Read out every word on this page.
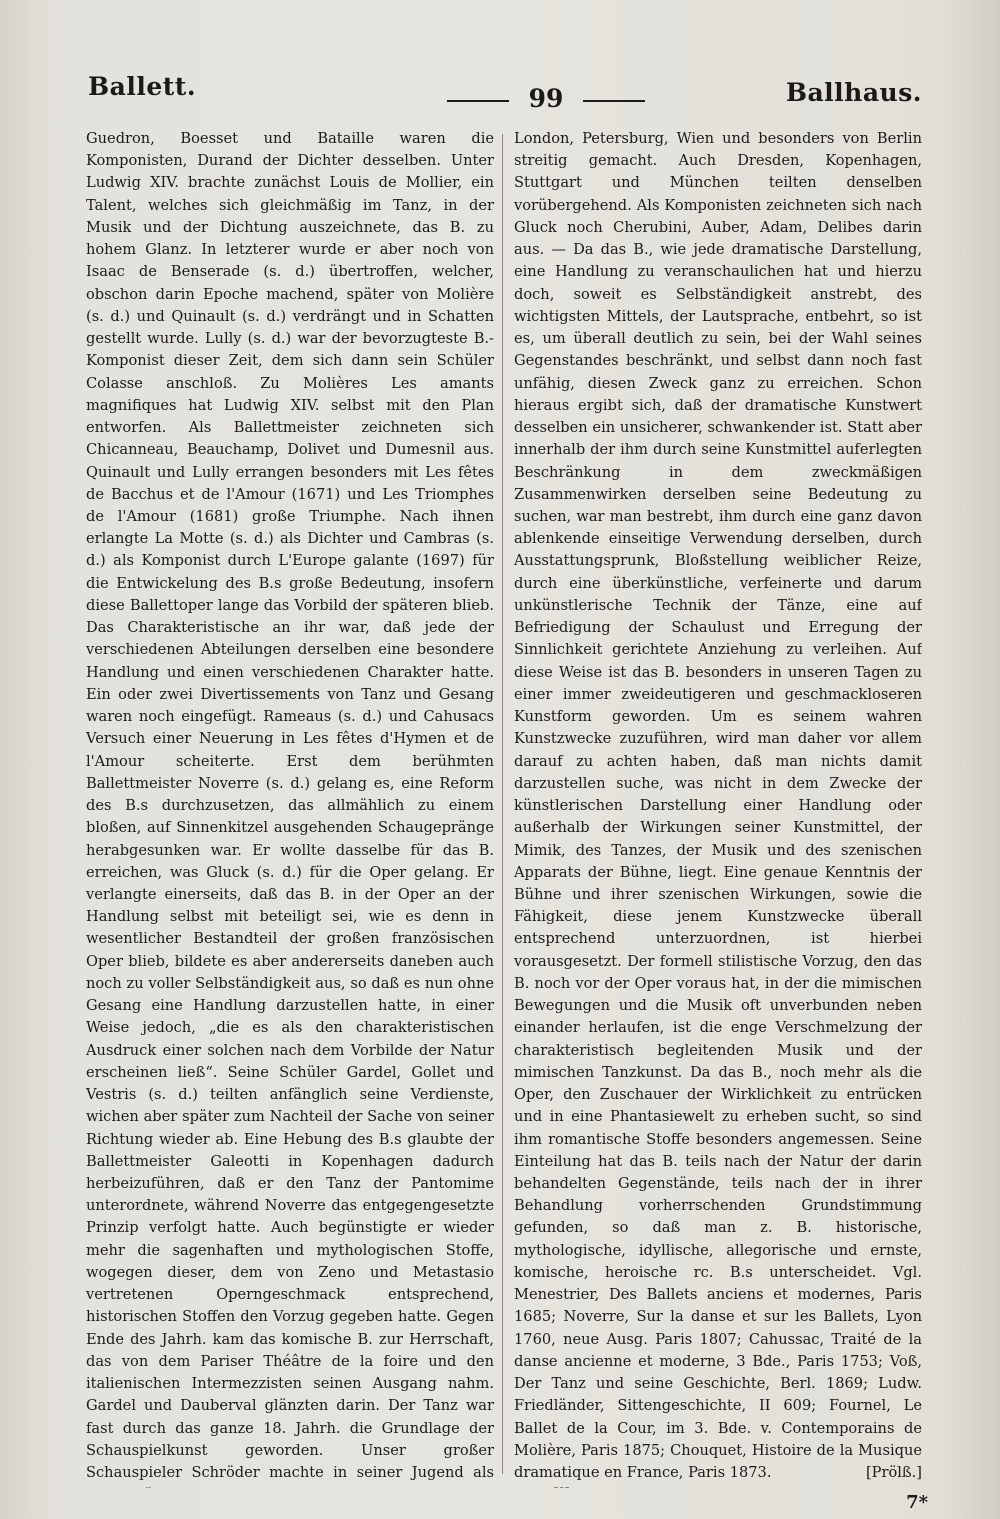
Ballett.	99	Ballhaus.

Guedron, Boesset und Bataille waren die Komponisten, Durand der Dichter desselben. Unter Ludwig XIV. brachte zunächst Louis de Mollier, ein Talent, welches sich gleichmäßig im Tanz, in der Musik und der Dichtung auszeichnete, das B. zu hohem Glanz. In letzterer wurde er aber noch von Isaac de Benserade (s. d.) übertroffen, welcher, obschon darin Epoche machend, später von Molière (s. d.) und Quinault (s. d.) verdrängt und in Schatten gestellt wurde. Lully (s. d.) war der bevorzugteste B.-Komponist dieser Zeit, dem sich dann sein Schüler Colasse anschloß. Zu Molières Les amants magnifiques hat Ludwig XIV. selbst mit den Plan entworfen. Als Ballettmeister zeichneten sich Chicanneau, Beauchamp, Dolivet und Dumesnil aus. Quinault und Lully errangen besonders mit Les fêtes de Bacchus et de l'Amour (1671) und Les Triomphes de l'Amour (1681) große Triumphe. Nach ihnen erlangte La Motte (s. d.) als Dichter und Cambras (s. d.) als Komponist durch L'Europe galante (1697) für die Entwickelung des B.s große Bedeutung, insofern diese Ballettoper lange das Vorbild der späteren blieb. Das Charakteristische an ihr war, daß jede der verschiedenen Abteilungen derselben eine besondere Handlung und einen verschiedenen Charakter hatte. Ein oder zwei Divertissements von Tanz und Gesang waren noch eingefügt. Rameaus (s. d.) und Cahusacs Versuch einer Neuerung in Les fêtes d'Hymen et de l'Amour scheiterte. Erst dem berühmten Ballettmeister Noverre (s. d.) gelang es, eine Reform des B.s durchzusetzen, das allmählich zu einem bloßen, auf Sinnenkitzel ausgehenden Schaugepränge herabgesunken war. Er wollte dasselbe für das B. erreichen, was Gluck (s. d.) für die Oper gelang. Er verlangte einerseits, daß das B. in der Oper an der Handlung selbst mit beteiligt sei, wie es denn in wesentlicher Bestandteil der großen französischen Oper blieb, bildete es aber andererseits daneben auch noch zu voller Selbständigkeit aus, so daß es nun ohne Gesang eine Handlung darzustellen hatte, in einer Weise jedoch, „die es als den charakteristischen Ausdruck einer solchen nach dem Vorbilde der Natur erscheinen ließ“. Seine Schüler Gardel, Gollet und Vestris (s. d.) teilten anfänglich seine Verdienste, wichen aber später zum Nachteil der Sache von seiner Richtung wieder ab. Eine Hebung des B.s glaubte der Ballettmeister Galeotti in Kopenhagen dadurch herbeizuführen, daß er den Tanz der Pantomime unterordnete, während Noverre das entgegengesetzte Prinzip verfolgt hatte. Auch begünstigte er wieder mehr die sagenhaften und mythologischen Stoffe, wogegen dieser, dem von Zeno und Metastasio vertretenen Operngeschmack entsprechend, historischen Stoffen den Vorzug gegeben hatte. Gegen Ende des Jahrh. kam das komische B. zur Herrschaft, das von dem Pariser Théâtre de la foire und den italienischen Intermezzisten seinen Ausgang nahm. Gardel und Dauberval glänzten darin. Der Tanz war fast durch das ganze 18. Jahrh. die Grundlage der Schauspielkunst geworden. Unser großer Schauspieler Schröder machte in seiner Jugend als

London, Petersburg, Wien und besonders von Berlin streitig gemacht. Auch Dresden, Kopenhagen, Stuttgart und München teilten denselben vorübergehend. Als Komponisten zeichneten sich nach Gluck noch Cherubini, Auber, Adam, Delibes darin aus. — Da das B., wie jede dramatische Darstellung, eine Handlung zu veranschaulichen hat und hierzu doch, soweit es Selbständigkeit anstrebt, des wichtigsten Mittels, der Lautsprache, entbehrt, so ist es, um überall deutlich zu sein, bei der Wahl seines Gegenstandes beschränkt, und selbst dann noch fast unfähig, diesen Zweck ganz zu erreichen. Schon hieraus ergibt sich, daß der dramatische Kunstwert desselben ein unsicherer, schwankender ist. Statt aber innerhalb der ihm durch seine Kunstmittel auferlegten Beschränkung in dem zweckmäßigen Zusammenwirken derselben seine Bedeutung zu suchen, war man bestrebt, ihm durch eine ganz davon ablenkende einseitige Verwendung derselben, durch Ausstattungsprunk, Bloßstellung weiblicher Reize, durch eine überkünstliche, verfeinerte und darum unkünstlerische Technik der Tänze, eine auf Befriedigung der Schaulust und Erregung der Sinnlichkeit gerichtete Anziehung zu verleihen. Auf diese Weise ist das B. besonders in unseren Tagen zu einer immer zweideutigeren und geschmackloseren Kunstform geworden. Um es seinem wahren Kunstzwecke zuzuführen, wird man daher vor allem darauf zu achten haben, daß man nichts damit darzustellen suche, was nicht in dem Zwecke der künstlerischen Darstellung einer Handlung oder außerhalb der Wirkungen seiner Kunstmittel, der Mimik, des Tanzes, der Musik und des szenischen Apparats der Bühne, liegt. Eine genaue Kenntnis der Bühne und ihrer szenischen Wirkungen, sowie die Fähigkeit, diese jenem Kunstzwecke überall entsprechend unterzuordnen, ist hierbei vorausgesetzt. Der formell stilistische Vorzug, den das B. noch vor der Oper voraus hat, in der die mimischen Bewegungen und die Musik oft unverbunden neben einander herlaufen, ist die enge Verschmelzung der charakteristisch begleitenden Musik und der mimischen Tanzkunst. Da das B., noch mehr als die Oper, den Zuschauer der Wirklichkeit zu entrücken und in eine Phantasiewelt zu erheben sucht, so sind ihm romantische Stoffe besonders angemessen. Seine Einteilung hat das B. teils nach der Natur der darin behandelten Gegenstände, teils nach der in ihrer Behandlung vorherrschenden Grundstimmung gefunden, so daß man z. B. historische, mythologische, idyllische, allegorische und ernste, komische, heroische rc. B.s unterscheidet. Vgl. Menestrier, Des Ballets anciens et modernes, Paris 1685; Noverre, Sur la danse et sur les Ballets, Lyon 1760, neue Ausg. Paris 1807; Cahussac, Traité de la danse ancienne et moderne, 3 Bde., Paris 1753; Voß, Der Tanz und seine Geschichte, Berl. 1869; Ludw. Friedländer, Sittengeschichte, II 609; Fournel, Le Ballet de la Cour, im 3. Bde. v. Contemporains de Molière, Paris 1875; Chouquet, Histoire de la Musique dramatique en France, Paris 1873.	[Prölß.]

7*
